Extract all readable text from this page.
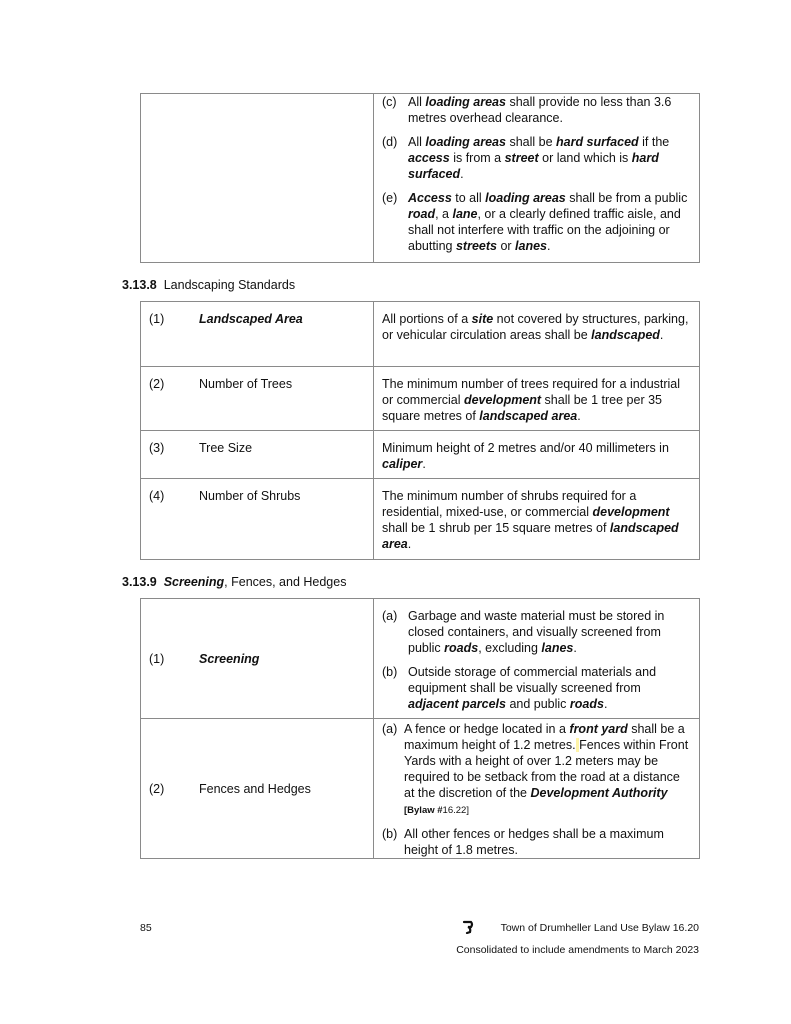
(c) All loading areas shall provide no less than 3.6 metres overhead clearance.
(d) All loading areas shall be hard surfaced if the access is from a street or land which is hard surfaced.
(e) Access to all loading areas shall be from a public road, a lane, or a clearly defined traffic aisle, and shall not interfere with traffic on the adjoining or abutting streets or lanes.
3.13.8 Landscaping Standards
(1) Landscaped Area	All portions of a site not covered by structures, parking, or vehicular circulation areas shall be landscaped.
(2) Number of Trees	The minimum number of trees required for a industrial or commercial development shall be 1 tree per 35 square metres of landscaped area.
(3) Tree Size	Minimum height of 2 metres and/or 40 millimeters in caliper.
(4) Number of Shrubs	The minimum number of shrubs required for a residential, mixed-use, or commercial development shall be 1 shrub per 15 square metres of landscaped area.
3.13.9 Screening, Fences, and Hedges
(1) Screening	(a) Garbage and waste material must be stored in closed containers, and visually screened from public roads, excluding lanes.
(b) Outside storage of commercial materials and equipment shall be visually screened from adjacent parcels and public roads.

(2) Fences and Hedges	(a) A fence or hedge located in a front yard shall be a maximum height of 1.2 metres. Fences within Front Yards with a height of over 1.2 meters may be required to be setback from the road at a distance at the discretion of the Development Authority [Bylaw #16.22]
(b) All other fences or hedges shall be a maximum height of 1.8 metres.
85	Town of Drumheller Land Use Bylaw 16.20
Consolidated to include amendments to March 2023
